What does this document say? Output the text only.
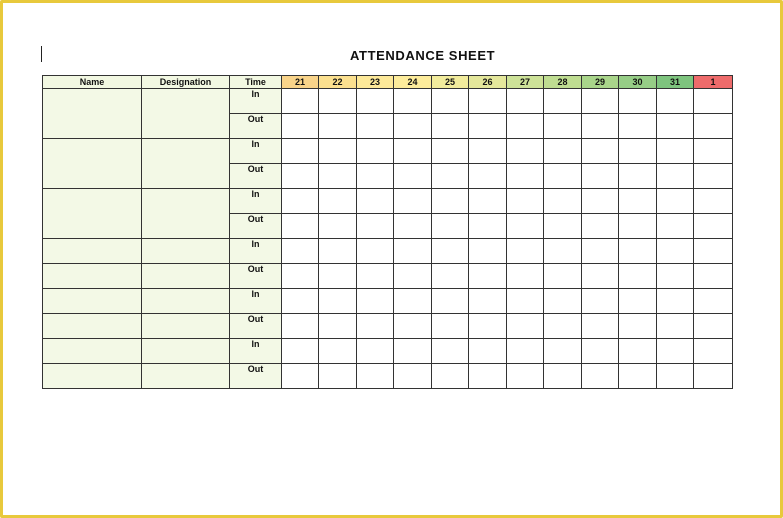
ATTENDANCE SHEET
Name	Designation	Time	21	22	23	24	25	26	27	28	29	30	31	1
		In												
		Out												
		In												
		Out												
		In												
		Out												
		In												
		Out												
		In												
		Out												
		In												
		Out												
